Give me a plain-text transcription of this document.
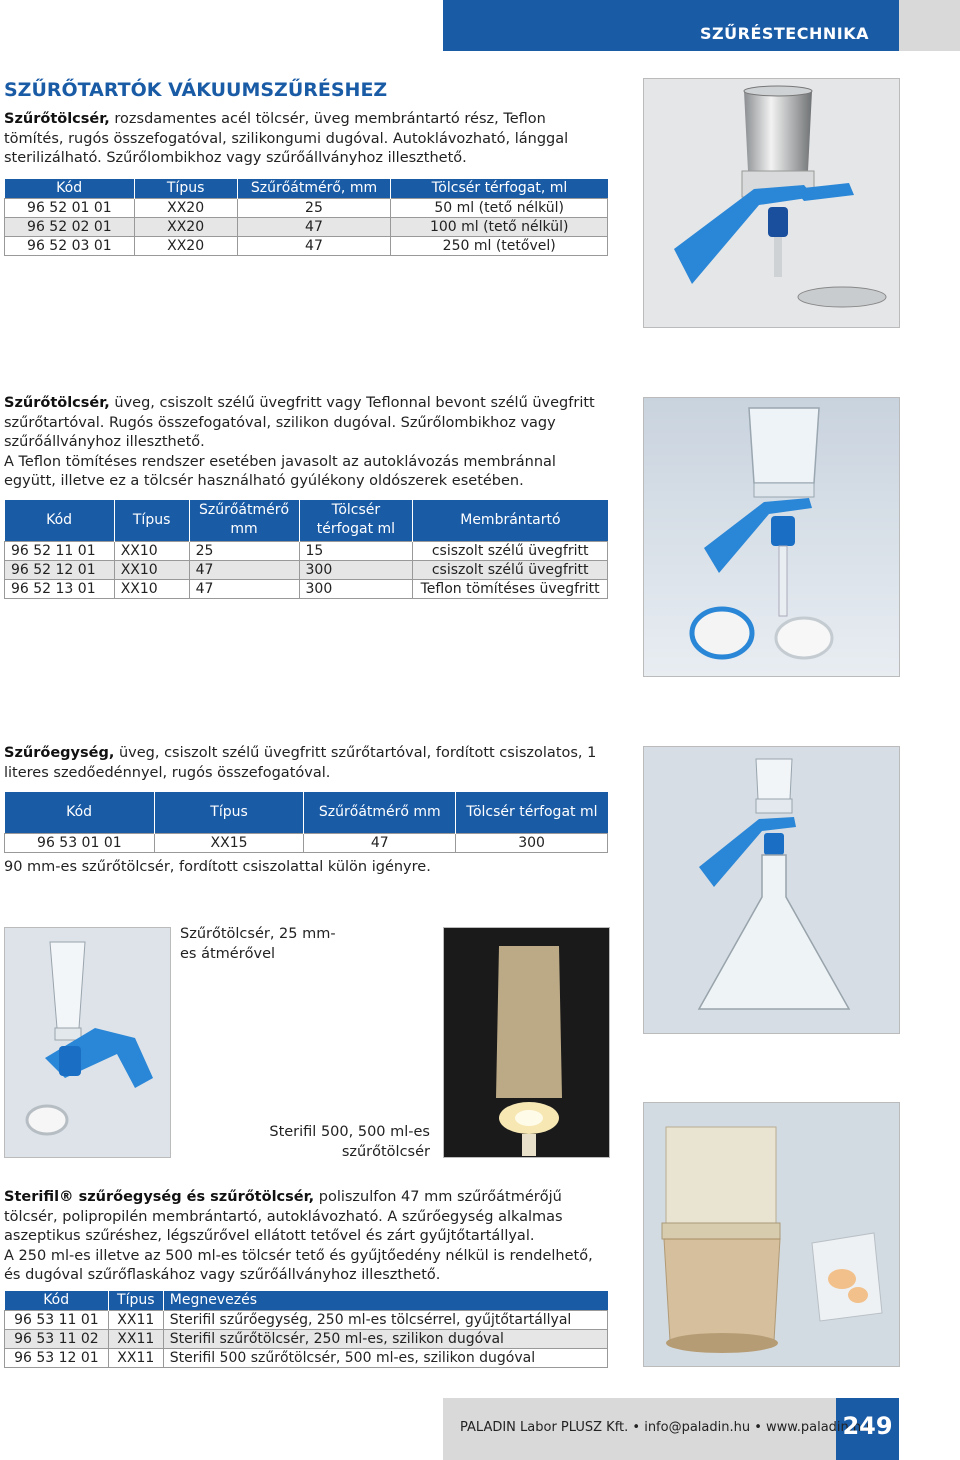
SZŰRÉSTECHNIKA
SZŰRŐTARTÓK VÁKUUMSZŰRÉSHEZ
Szűrőtölcsér, rozsdamentes acél tölcsér, üveg membrántartó rész, Teflon tömítés, rugós összefogatóval, szilikongumi dugóval. Autoklávozható, lánggal sterilizálható. Szűrőlombikhoz vagy szűrőállványhoz illeszthető.
Kód	Típus	Szűrőátmérő, mm	Tölcsér térfogat, ml
96 52 01 01	XX20	25	50 ml (tető nélkül)
96 52 02 01	XX20	47	100 ml (tető nélkül)
96 52 03 01	XX20	47	250 ml (tetővel)
Szűrőtölcsér, üveg, csiszolt szélű üvegfritt vagy Teflonnal bevont szélű üvegfritt szűrőtartóval. Rugós összefogatóval, szilikon dugóval. Szűrőlombikhoz vagy szűrőállványhoz illeszthető.
A Teflon tömítéses rendszer esetében javasolt az autoklávozás membránnal együtt, illetve ez a tölcsér használható gyúlékony oldószerek esetében.
Kód	Típus	Szűrőátmérő mm	Tölcsér térfogat ml	Membrántartó
96 52 11 01	XX10	25	15	csiszolt szélű üvegfritt
96 52 12 01	XX10	47	300	csiszolt szélű üvegfritt
96 52 13 01	XX10	47	300	Teflon tömítéses üvegfritt
Szűrőegység, üveg, csiszolt szélű üvegfritt szűrőtartóval, fordított csiszolatos, 1 literes szedőedénnyel, rugós összefogatóval.
Kód	Típus	Szűrőátmérő mm	Tölcsér térfogat ml
96 53 01 01	XX15	47	300
90 mm-es szűrőtölcsér, fordított csiszolattal külön igényre.
Szűrőtölcsér, 25 mm-es átmérővel
Sterifil 500, 500 ml-es szűrőtölcsér
Sterifil® szűrőegység és szűrőtölcsér, poliszulfon 47 mm szűrőátmérőjű tölcsér, polipropilén membrántartó, autoklávozható. A szűrőegység alkalmas aszeptikus szűréshez, légszűrővel ellátott tetővel és zárt gyűjtőtartállyal.
A 250 ml-es illetve az 500 ml-es tölcsér tető és gyűjtőedény nélkül is rendelhető, és dugóval szűrőflaskához vagy szűrőállványhoz illeszthető.
Kód	Típus	Megnevezés
96 53 11 01	XX11	Sterifil szűrőegység, 250 ml-es tölcsérrel, gyűjtőtartállyal
96 53 11 02	XX11	Sterifil szűrőtölcsér, 250 ml-es, szilikon dugóval
96 53 12 01	XX11	Sterifil 500 szűrőtölcsér, 500 ml-es, szilikon dugóval
PALADIN Labor PLUSZ Kft. • info@paladin.hu • www.paladin.hu
249
